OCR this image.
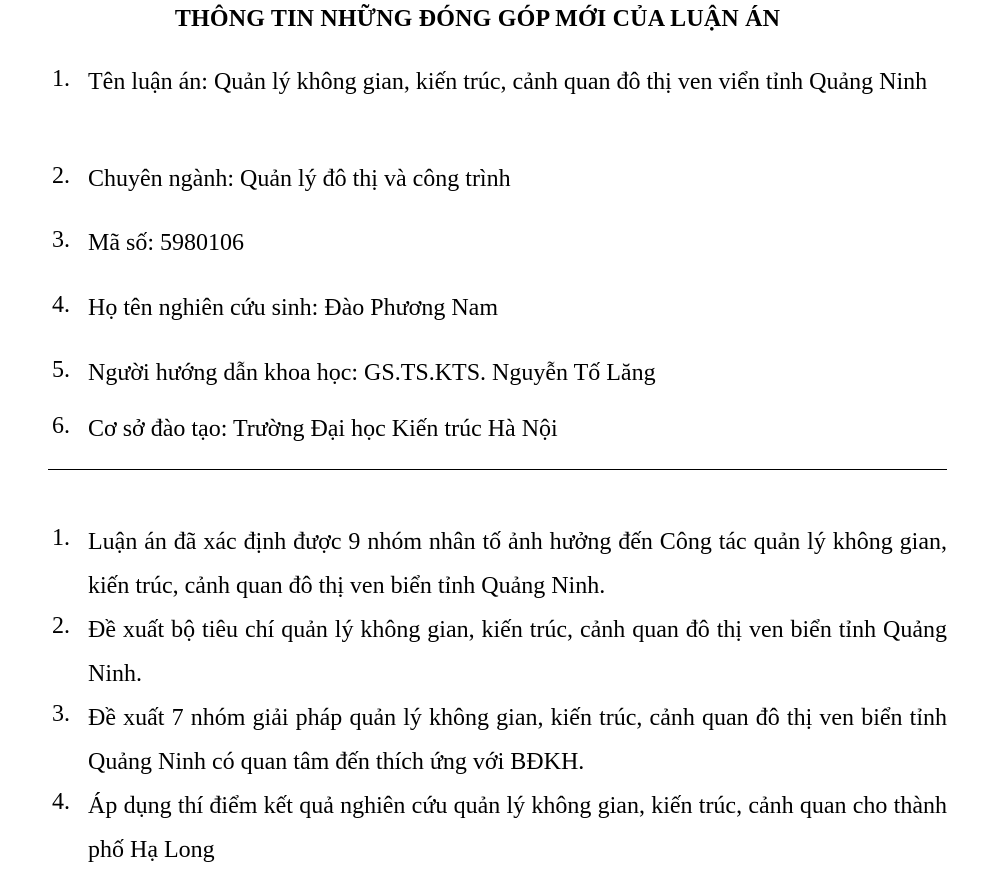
THÔNG TIN NHỮNG ĐÓNG GÓP MỚI CỦA LUẬN ÁN
1. Tên luận án: Quản lý không gian, kiến trúc, cảnh quan đô thị ven viển tỉnh Quảng Ninh
2. Chuyên ngành: Quản lý đô thị và công trình
3. Mã số: 5980106
4. Họ tên nghiên cứu sinh: Đào Phương Nam
5. Người hướng dẫn khoa học: GS.TS.KTS. Nguyễn Tố Lăng
6. Cơ sở đào tạo: Trường Đại học Kiến trúc Hà Nội
1. Luận án đã xác định được 9 nhóm nhân tố ảnh hưởng đến Công tác quản lý không gian, kiến trúc, cảnh quan đô thị ven biển tỉnh Quảng Ninh.
2. Đề xuất bộ tiêu chí quản lý không gian, kiến trúc, cảnh quan đô thị ven biển tỉnh Quảng Ninh.
3. Đề xuất 7 nhóm giải pháp quản lý không gian, kiến trúc, cảnh quan đô thị ven biển tỉnh Quảng Ninh có quan tâm đến thích ứng với BĐKH.
4. Áp dụng thí điểm kết quả nghiên cứu quản lý không gian, kiến trúc, cảnh quan cho thành phố Hạ Long
